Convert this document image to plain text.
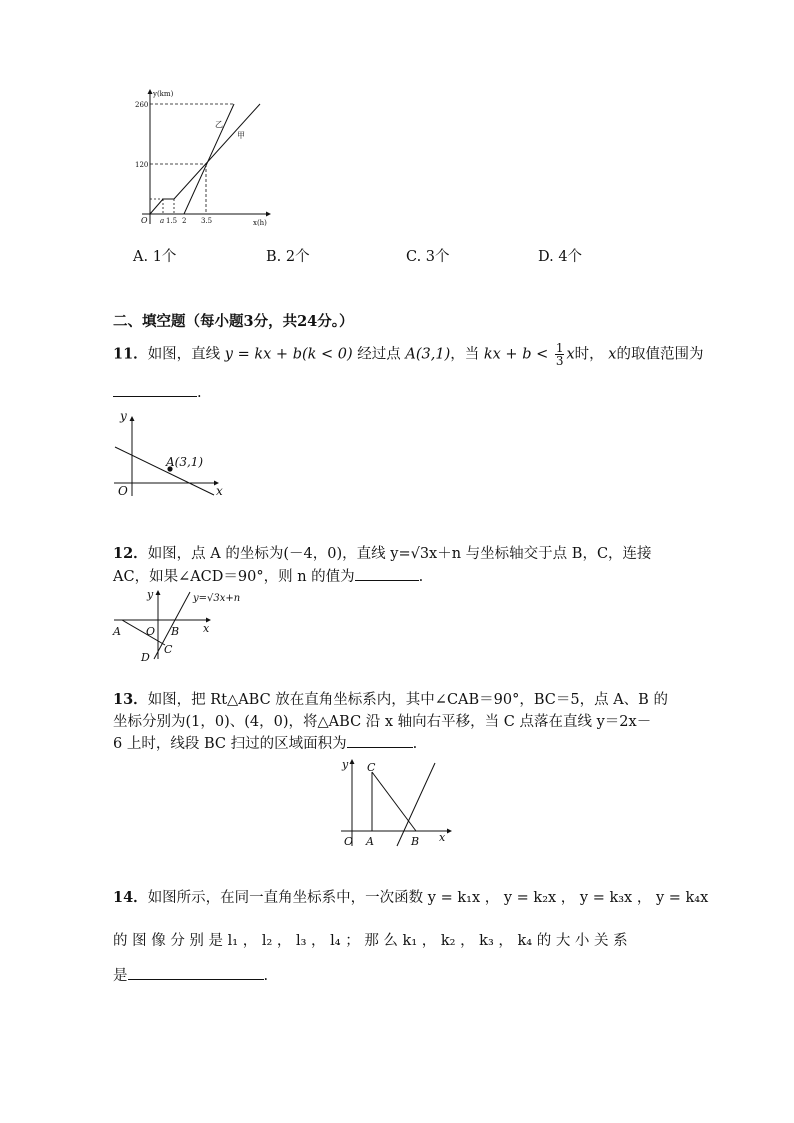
y(km)
x(h)
O
260
120
a 1.5 2 3.5
乙
甲
A. 1个	B. 2个	C. 3个	D. 4个
二、填空题（每小题3分，共24分。）
11．如图，直线 y = kx + b(k < 0) 经过点 A(3,1)，当 kx + $b < \frac{1}{3}$ x时， x的取值范围为
.
y
x
O
A(3,1)
12．如图，点 A 的坐标为(－4，0)，直线 y=√3x＋n 与坐标轴交于点 B，C，连接
AC，如果∠ACD＝90°，则 n 的值为	.
y	y=√3x+n
x
A O B
C
D
13．如图，把 Rt△ABC 放在直角坐标系内，其中∠CAB＝90°，BC＝5，点 A、B 的
坐标分别为(1，0)、(4，0)，将△ABC 沿 x 轴向右平移，当 C 点落在直线 y＝2x－
6 上时，线段 BC 扫过的区域面积为	.
y C
O A	B x
14．如图所示，在同一直角坐标系中，一次函数 y = k₁x ， y = k₂x ， y = k₃x ， y = k₄x
的 图 像 分 别 是 l₁ ， l₂ ， l₃ ， l₄ ； 那 么 k₁ ， k₂ ， k₃ ， k₄ 的 大 小 关 系
是	.
